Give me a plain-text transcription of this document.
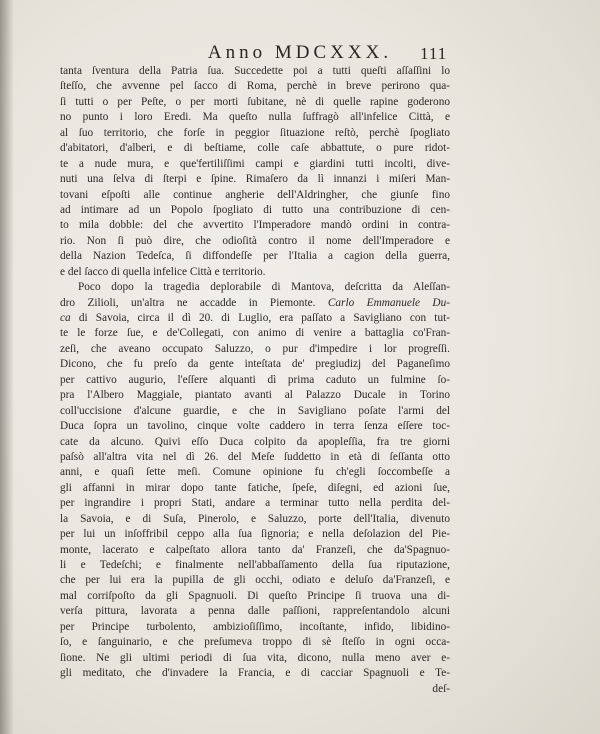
Anno MDCXXX.	111
tanta ſventura della Patria ſua. Succedette poi a tutti queſti aſſaſſini lo
ſteſſo, che avvenne pel ſacco di Roma, perchè in breve perirono qua-
ſi tutti o per Peſte, o per morti ſubitane, nè di quelle rapine goderono
no punto i loro Eredi. Ma queſto nulla ſuffragò all'infelice Città, e
al ſuo territorio, che forſe in peggior ſituazione reſtò, perchè ſpogliato
d'abitatori, d'alberi, e di beſtiame, colle caſe abbattute, o pure ridot-
te a nude mura, e que'fertiliſſimi campi e giardini tutti incolti, dive-
nuti una ſelva di ſterpi e ſpine. Rimaſero da lì innanzi i miſeri Man-
tovani eſpoſti alle continue angherie dell'Aldringher, che giunſe fino
ad intimare ad un Popolo ſpogliato di tutto una contribuzione di cen-
to mila dobble: del che avvertito l'Imperadore mandò ordini in contra-
rio. Non ſi può dire, che odioſità contro il nome dell'Imperadore e
della Nazion Tedeſca, ſi diffondeſſe per l'Italia a cagion della guerra,
e del ſacco di quella infelice Città e territorio.
Poco dopo la tragedia deplorabile di Mantova, deſcritta da Aleſſan-
dro Zilioli, un'altra ne accadde in Piemonte. Carlo Emmanuele Du-
ca di Savoia, circa il dì 20. di Luglio, era paſſato a Savigliano con tut-
te le forze ſue, e de'Collegati, con animo di venire a battaglia co'Fran-
zeſi, che aveano occupato Saluzzo, o pur d'impedire i lor progreſſi.
Dicono, che fu preſo da gente inteſtata de' pregiudizj del Paganeſimo
per cattivo augurio, l'eſſere alquanti dì prima caduto un fulmine ſo-
pra l'Albero Maggiale, piantato avanti al Palazzo Ducale in Torino
coll'uccisione d'alcune guardie, e che in Savigliano poſate l'armi del
Duca ſopra un tavolino, cinque volte caddero in terra ſenza eſſere toc-
cate da alcuno. Quivi eſſo Duca colpito da apopleſſia, fra tre giorni
paſsò all'altra vita nel dì 26. del Meſe ſuddetto in età di ſeſſanta otto
anni, e quaſi ſette meſi. Comune opinione fu ch'egli ſoccombeſſe a
gli affanni in mirar dopo tante fatiche, ſpeſe, diſegni, ed azioni ſue,
per ingrandire i propri Stati, andare a terminar tutto nella perdita del-
la Savoia, e di Suſa, Pinerolo, e Saluzzo, porte dell'Italia, divenuto
per lui un inſoffribil ceppo alla ſua ſignoria; e nella deſolazion del Pie-
monte, lacerato e calpeſtato allora tanto da' Franzeſi, che da'Spagnuo-
li e Tedeſchi; e finalmente nell'abbaſſamento della ſua riputazione,
che per lui era la pupilla de gli occhi, odiato e deluſo da'Franzeſi, e
mal corriſpoſto da gli Spagnuoli. Di queſto Principe ſi truova una di-
verſa pittura, lavorata a penna dalle paſſioni, rappreſentandolo alcuni
per Principe turbolento, ambizioſiſſimo, incoſtante, infido, libidino-
ſo, e ſanguinario, e che preſumeva troppo di sè ſteſſo in ogni occa-
ſione. Ne gli ultimi periodi di ſua vita, dicono, nulla meno aver e-
gli meditato, che d'invadere la Francia, e di cacciar Spagnuoli e Te-
deſ-
